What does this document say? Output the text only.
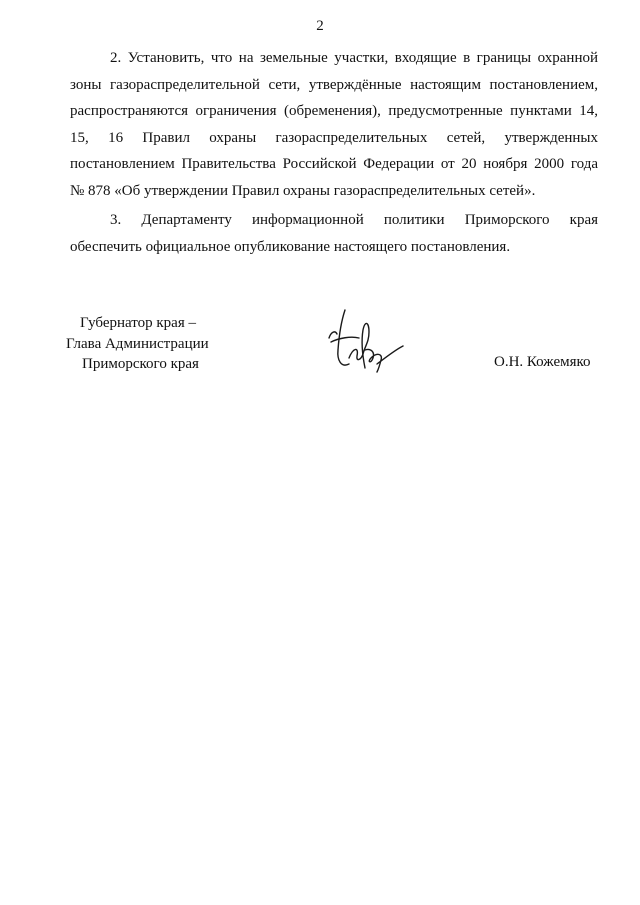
2
2. Установить, что на земельные участки, входящие в границы охранной
зоны газораспределительной сети, утверждённые настоящим постановлением,
распространяются ограничения (обременения), предусмотренные пунктами 14,
15, 16 Правил охраны газораспределительных сетей, утвержденных
постановлением Правительства Российской Федерации от 20 ноября 2000 года
№ 878 «Об утверждении Правил охраны газораспределительных сетей».
3. Департаменту информационной политики Приморского края
обеспечить официальное опубликование настоящего постановления.
Губернатор края –
Глава Администрации
Приморского края	О.Н. Кожемяко
